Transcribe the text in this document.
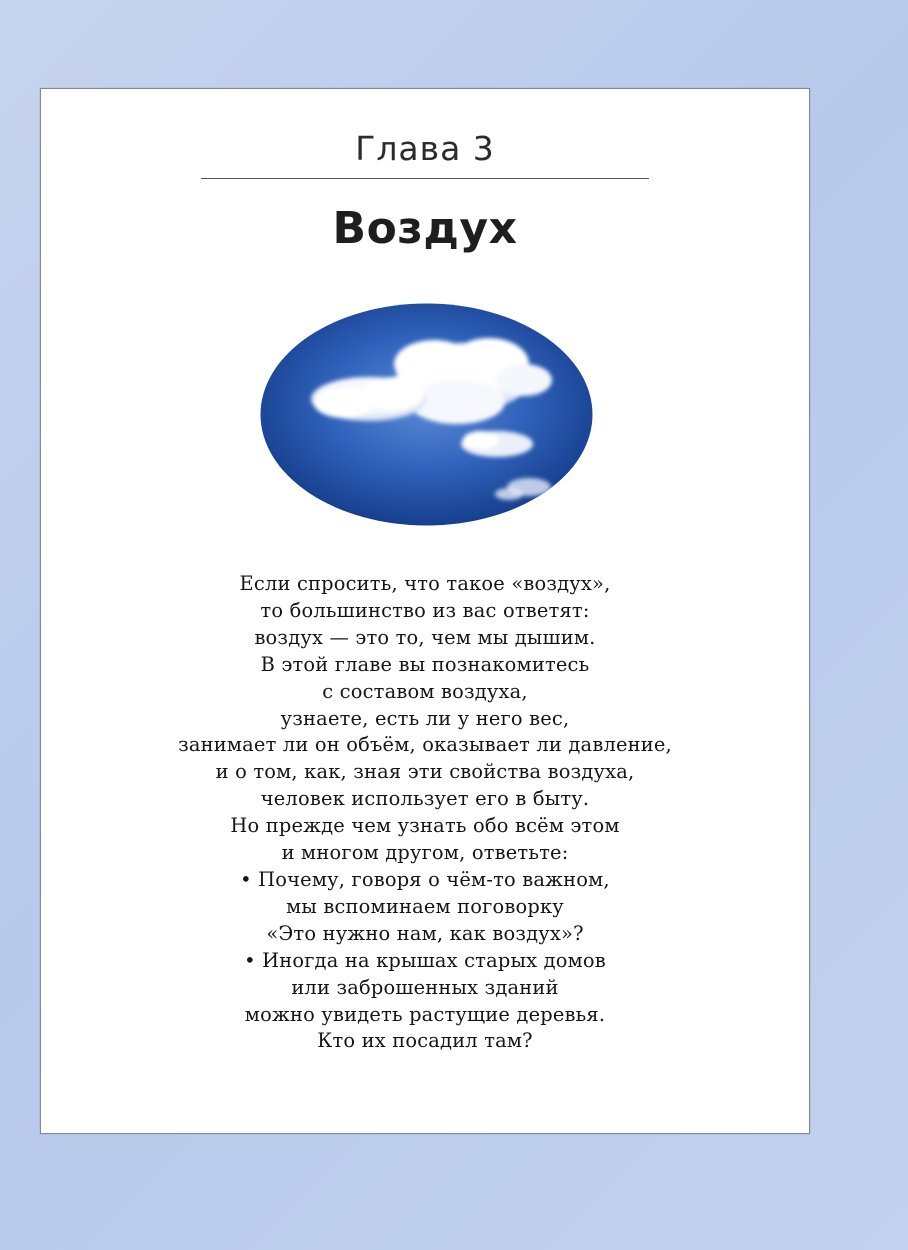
Глава 3
Воздух
Если спросить, что такое «воздух»,
то большинство из вас ответят:
воздух — это то, чем мы дышим.
В этой главе вы познакомитесь
с составом воздуха,
узнаете, есть ли у него вес,
занимает ли он объём, оказывает ли давление,
и о том, как, зная эти свойства воздуха,
человек использует его в быту.
Но прежде чем узнать обо всём этом
и многом другом, ответьте:
• Почему, говоря о чём-то важном,
мы вспоминаем поговорку
«Это нужно нам, как воздух»?
• Иногда на крышах старых домов
или заброшенных зданий
можно увидеть растущие деревья.
Кто их посадил там?
